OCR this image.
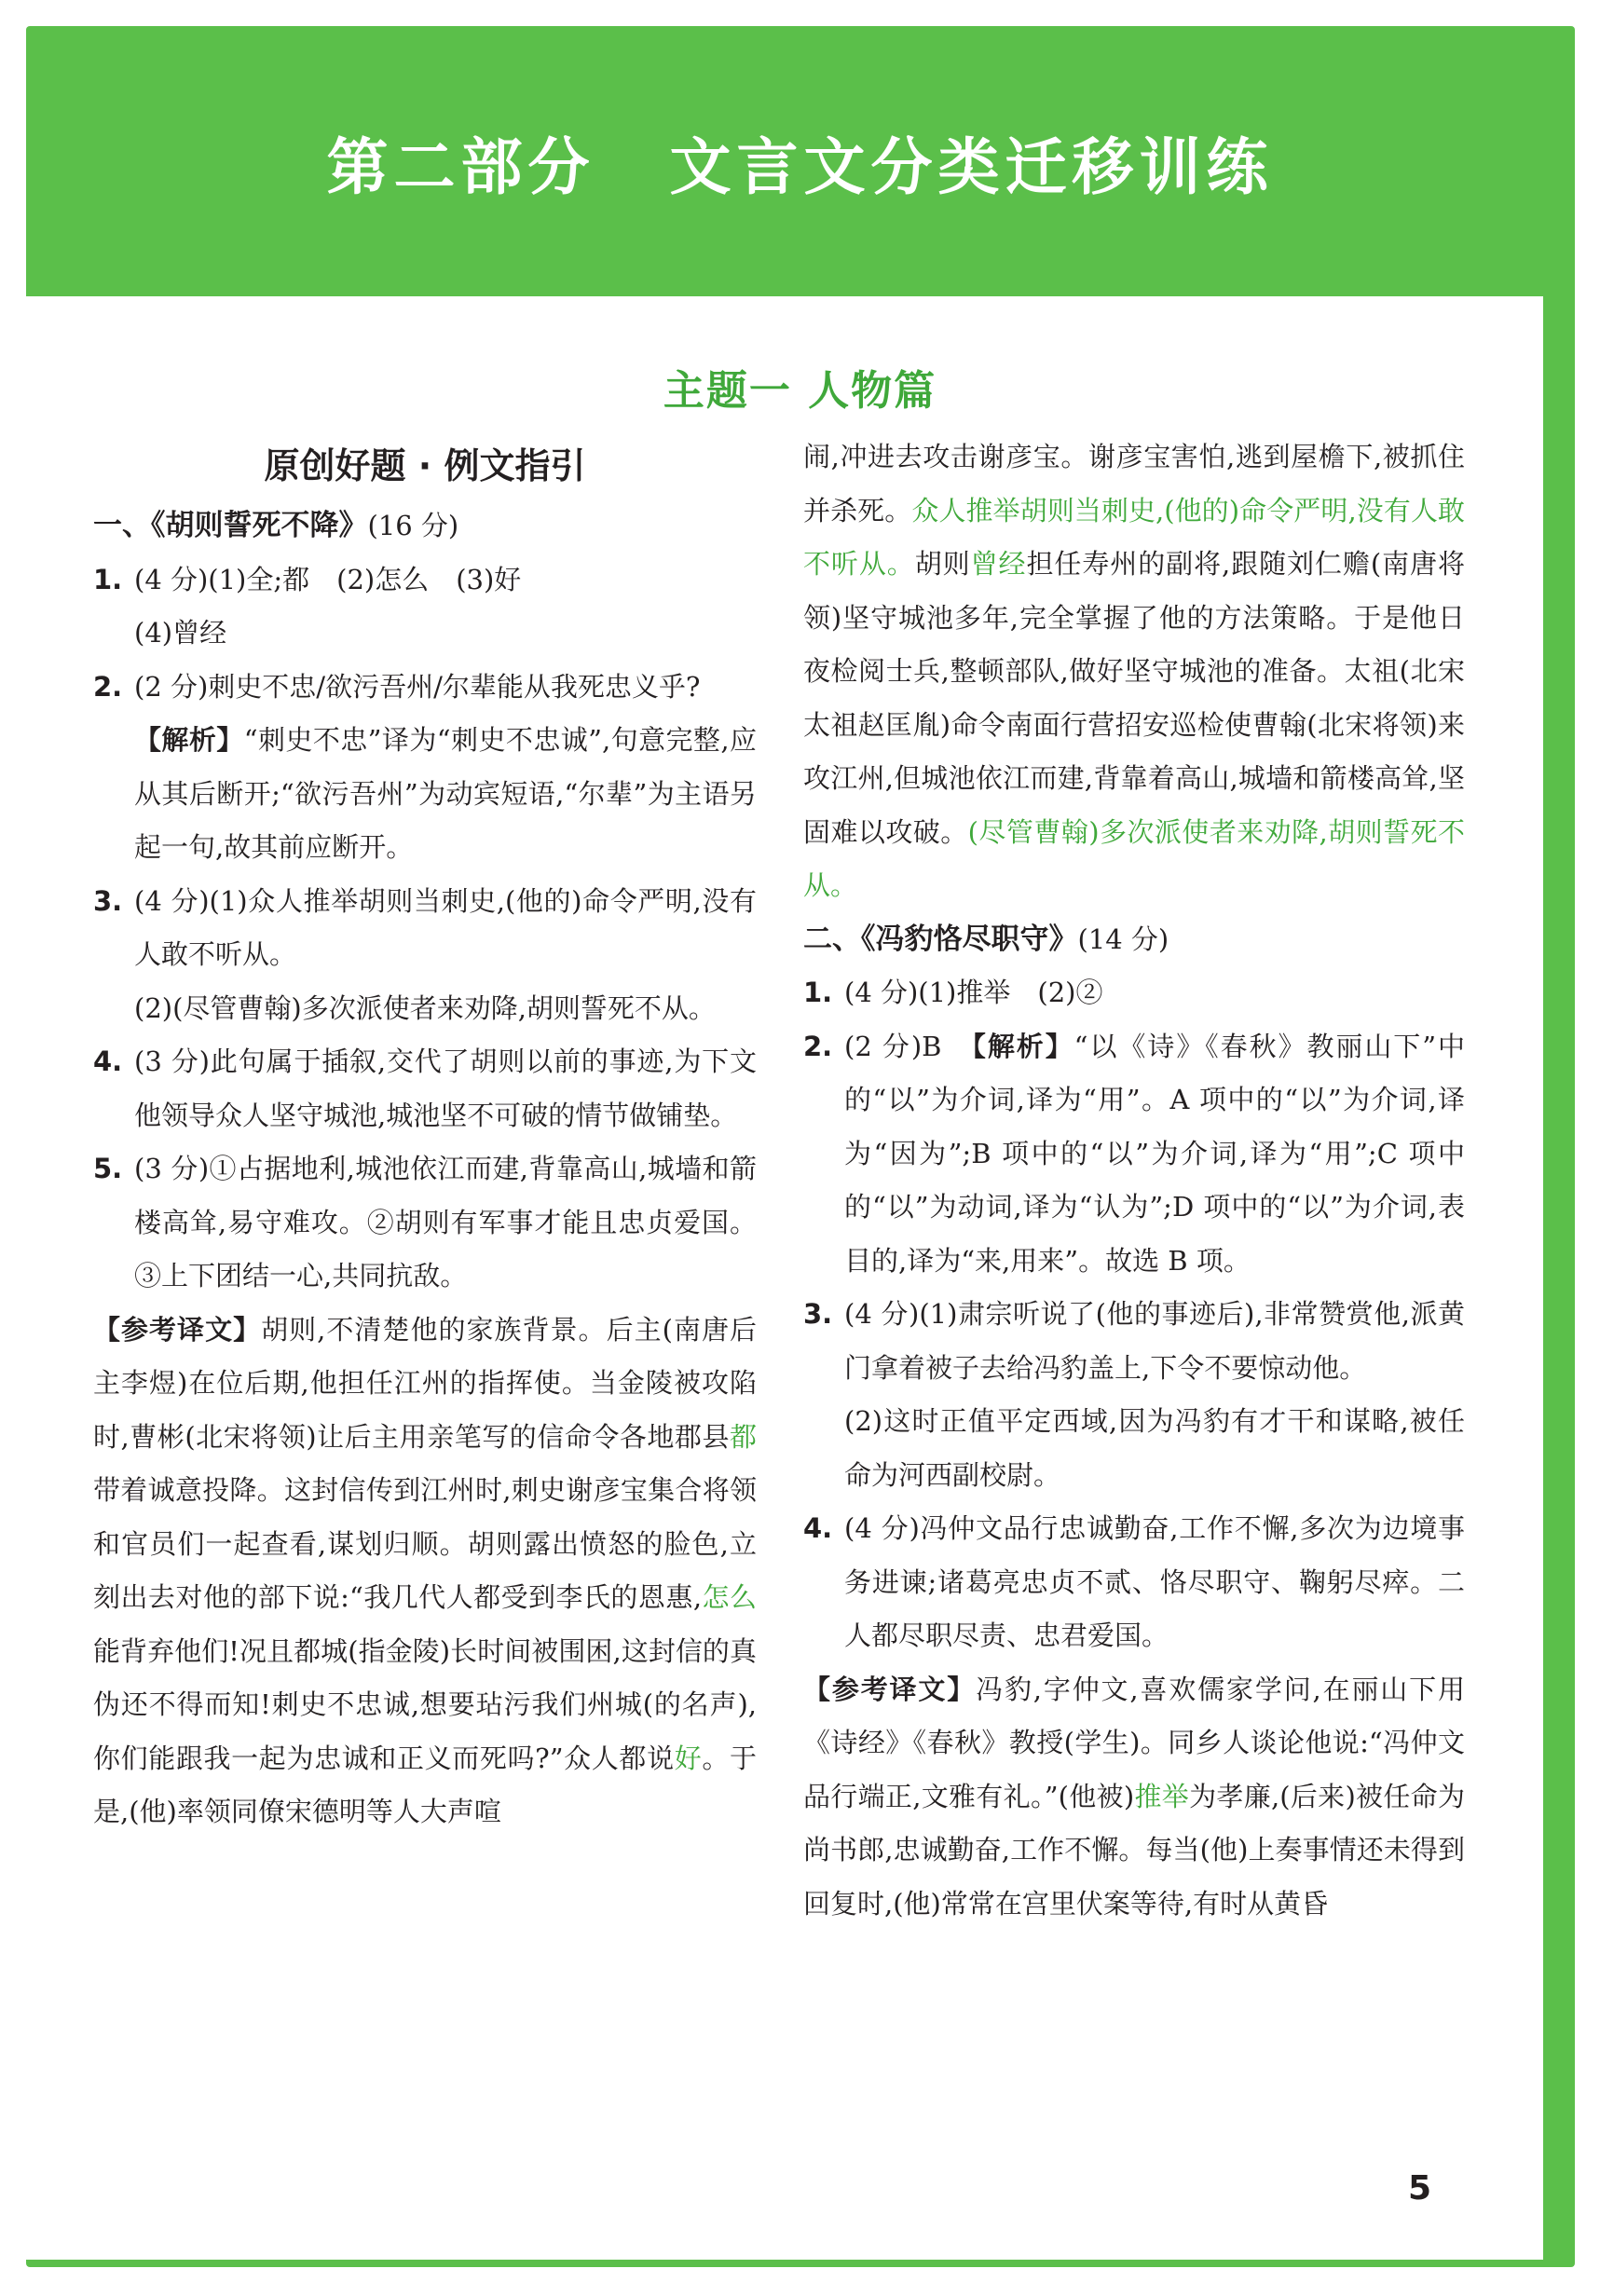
第二部分 文言文分类迁移训练
主题一 人物篇
原创好题 · 例文指引
一、《胡则誓死不降》(16 分)
1. (4 分)(1)全;都　(2)怎么　(3)好
(4)曾经
2. (2 分)刺史不忠/欲污吾州/尔辈能从我死忠义乎?
【解析】“刺史不忠”译为“刺史不忠诚”,句意完整,应从其后断开;“欲污吾州”为动宾短语,“尔辈”为主语另起一句,故其前应断开。
3. (4 分)(1)众人推举胡则当刺史,(他的)命令严明,没有人敢不听从。
(2)(尽管曹翰)多次派使者来劝降,胡则誓死不从。
4. (3 分)此句属于插叙,交代了胡则以前的事迹,为下文他领导众人坚守城池,城池坚不可破的情节做铺垫。
5. (3 分)①占据地利,城池依江而建,背靠高山,城墙和箭楼高耸,易守难攻。②胡则有军事才能且忠贞爱国。③上下团结一心,共同抗敌。
【参考译文】胡则,不清楚他的家族背景。后主(南唐后主李煜)在位后期,他担任江州的指挥使。当金陵被攻陷时,曹彬(北宋将领)让后主用亲笔写的信命令各地郡县都带着诚意投降。这封信传到江州时,刺史谢彦宝集合将领和官员们一起查看,谋划归顺。胡则露出愤怒的脸色,立刻出去对他的部下说:“我几代人都受到李氏的恩惠,怎么能背弃他们!况且都城(指金陵)长时间被围困,这封信的真伪还不得而知!刺史不忠诚,想要玷污我们州城(的名声),你们能跟我一起为忠诚和正义而死吗?”众人都说好。于是,(他)率领同僚宋德明等人大声喧
闹,冲进去攻击谢彦宝。谢彦宝害怕,逃到屋檐下,被抓住并杀死。众人推举胡则当刺史,(他的)命令严明,没有人敢不听从。胡则曾经担任寿州的副将,跟随刘仁赡(南唐将领)坚守城池多年,完全掌握了他的方法策略。于是他日夜检阅士兵,整顿部队,做好坚守城池的准备。太祖(北宋太祖赵匡胤)命令南面行营招安巡检使曹翰(北宋将领)来攻江州,但城池依江而建,背靠着高山,城墙和箭楼高耸,坚固难以攻破。(尽管曹翰)多次派使者来劝降,胡则誓死不从。
二、《冯豹恪尽职守》(14 分)
1. (4 分)(1)推举　(2)②
2. (2 分)B　【解析】“以《诗》《春秋》教丽山下”中的“以”为介词,译为“用”。A 项中的“以”为介词,译为“因为”;B 项中的“以”为介词,译为“用”;C 项中的“以”为动词,译为“认为”;D 项中的“以”为介词,表目的,译为“来,用来”。故选 B 项。
3. (4 分)(1)肃宗听说了(他的事迹后),非常赞赏他,派黄门拿着被子去给冯豹盖上,下令不要惊动他。
(2)这时正值平定西域,因为冯豹有才干和谋略,被任命为河西副校尉。
4. (4 分)冯仲文品行忠诚勤奋,工作不懈,多次为边境事务进谏;诸葛亮忠贞不贰、恪尽职守、鞠躬尽瘁。二人都尽职尽责、忠君爱国。
【参考译文】冯豹,字仲文,喜欢儒家学问,在丽山下用《诗经》《春秋》教授(学生)。同乡人谈论他说:“冯仲文品行端正,文雅有礼。”(他被)推举为孝廉,(后来)被任命为尚书郎,忠诚勤奋,工作不懈。每当(他)上奏事情还未得到回复时,(他)常常在宫里伏案等待,有时从黄昏
5
